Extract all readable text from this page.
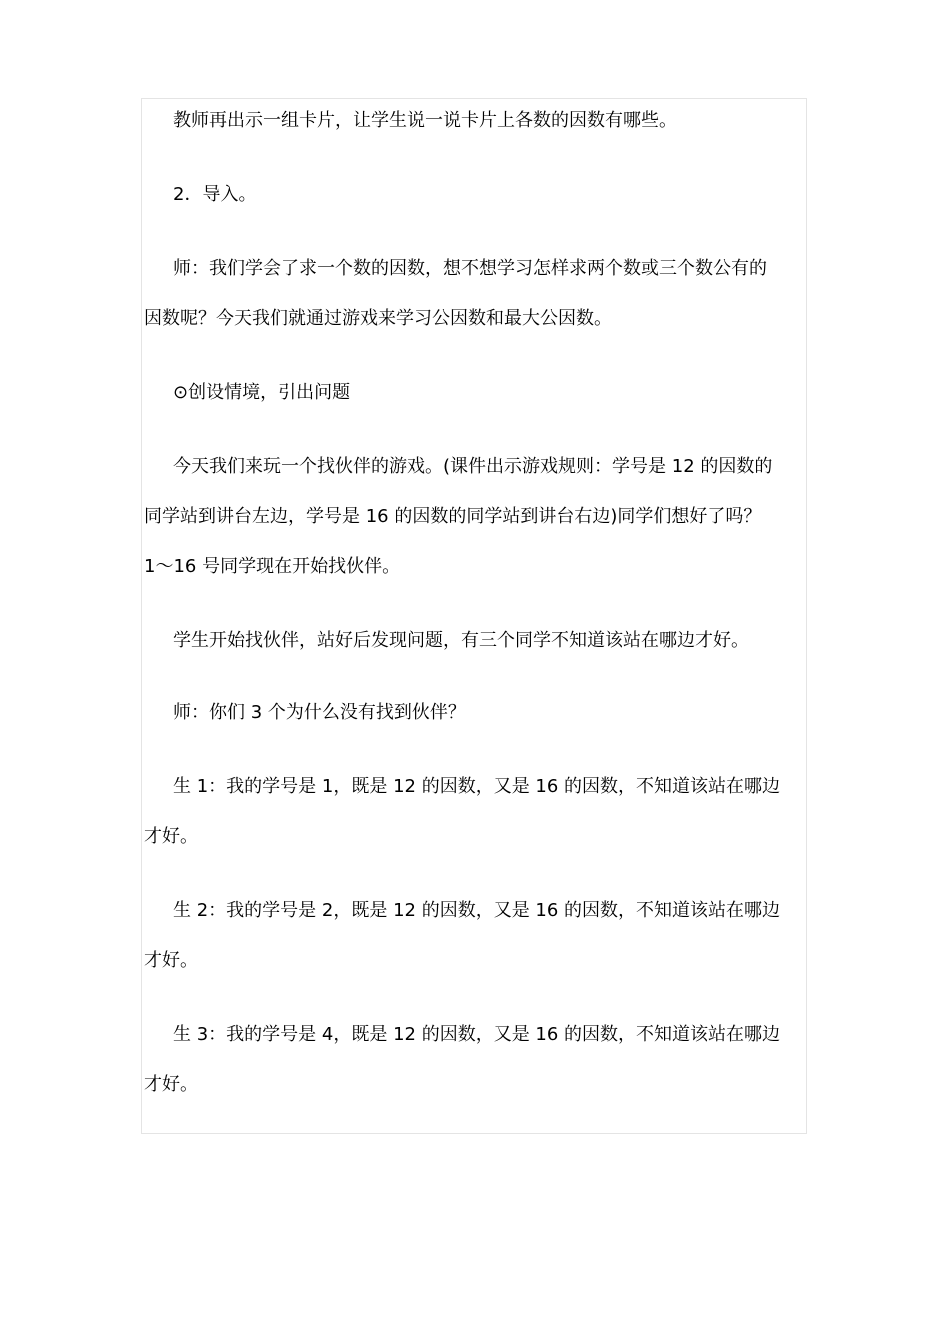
教师再出示一组卡片，让学生说一说卡片上各数的因数有哪些。

2．导入。

师：我们学会了求一个数的因数，想不想学习怎样求两个数或三个数公有的

因数呢？今天我们就通过游戏来学习公因数和最大公因数。

⊙创设情境，引出问题

今天我们来玩一个找伙伴的游戏。(课件出示游戏规则：学号是 12 的因数的

同学站到讲台左边，学号是 16 的因数的同学站到讲台右边)同学们想好了吗？

1～16 号同学现在开始找伙伴。

学生开始找伙伴，站好后发现问题，有三个同学不知道该站在哪边才好。

师：你们 3 个为什么没有找到伙伴？

生 1：我的学号是 1，既是 12 的因数，又是 16 的因数，不知道该站在哪边

才好。

生 2：我的学号是 2，既是 12 的因数，又是 16 的因数，不知道该站在哪边

才好。

生 3：我的学号是 4，既是 12 的因数，又是 16 的因数，不知道该站在哪边

才好。
